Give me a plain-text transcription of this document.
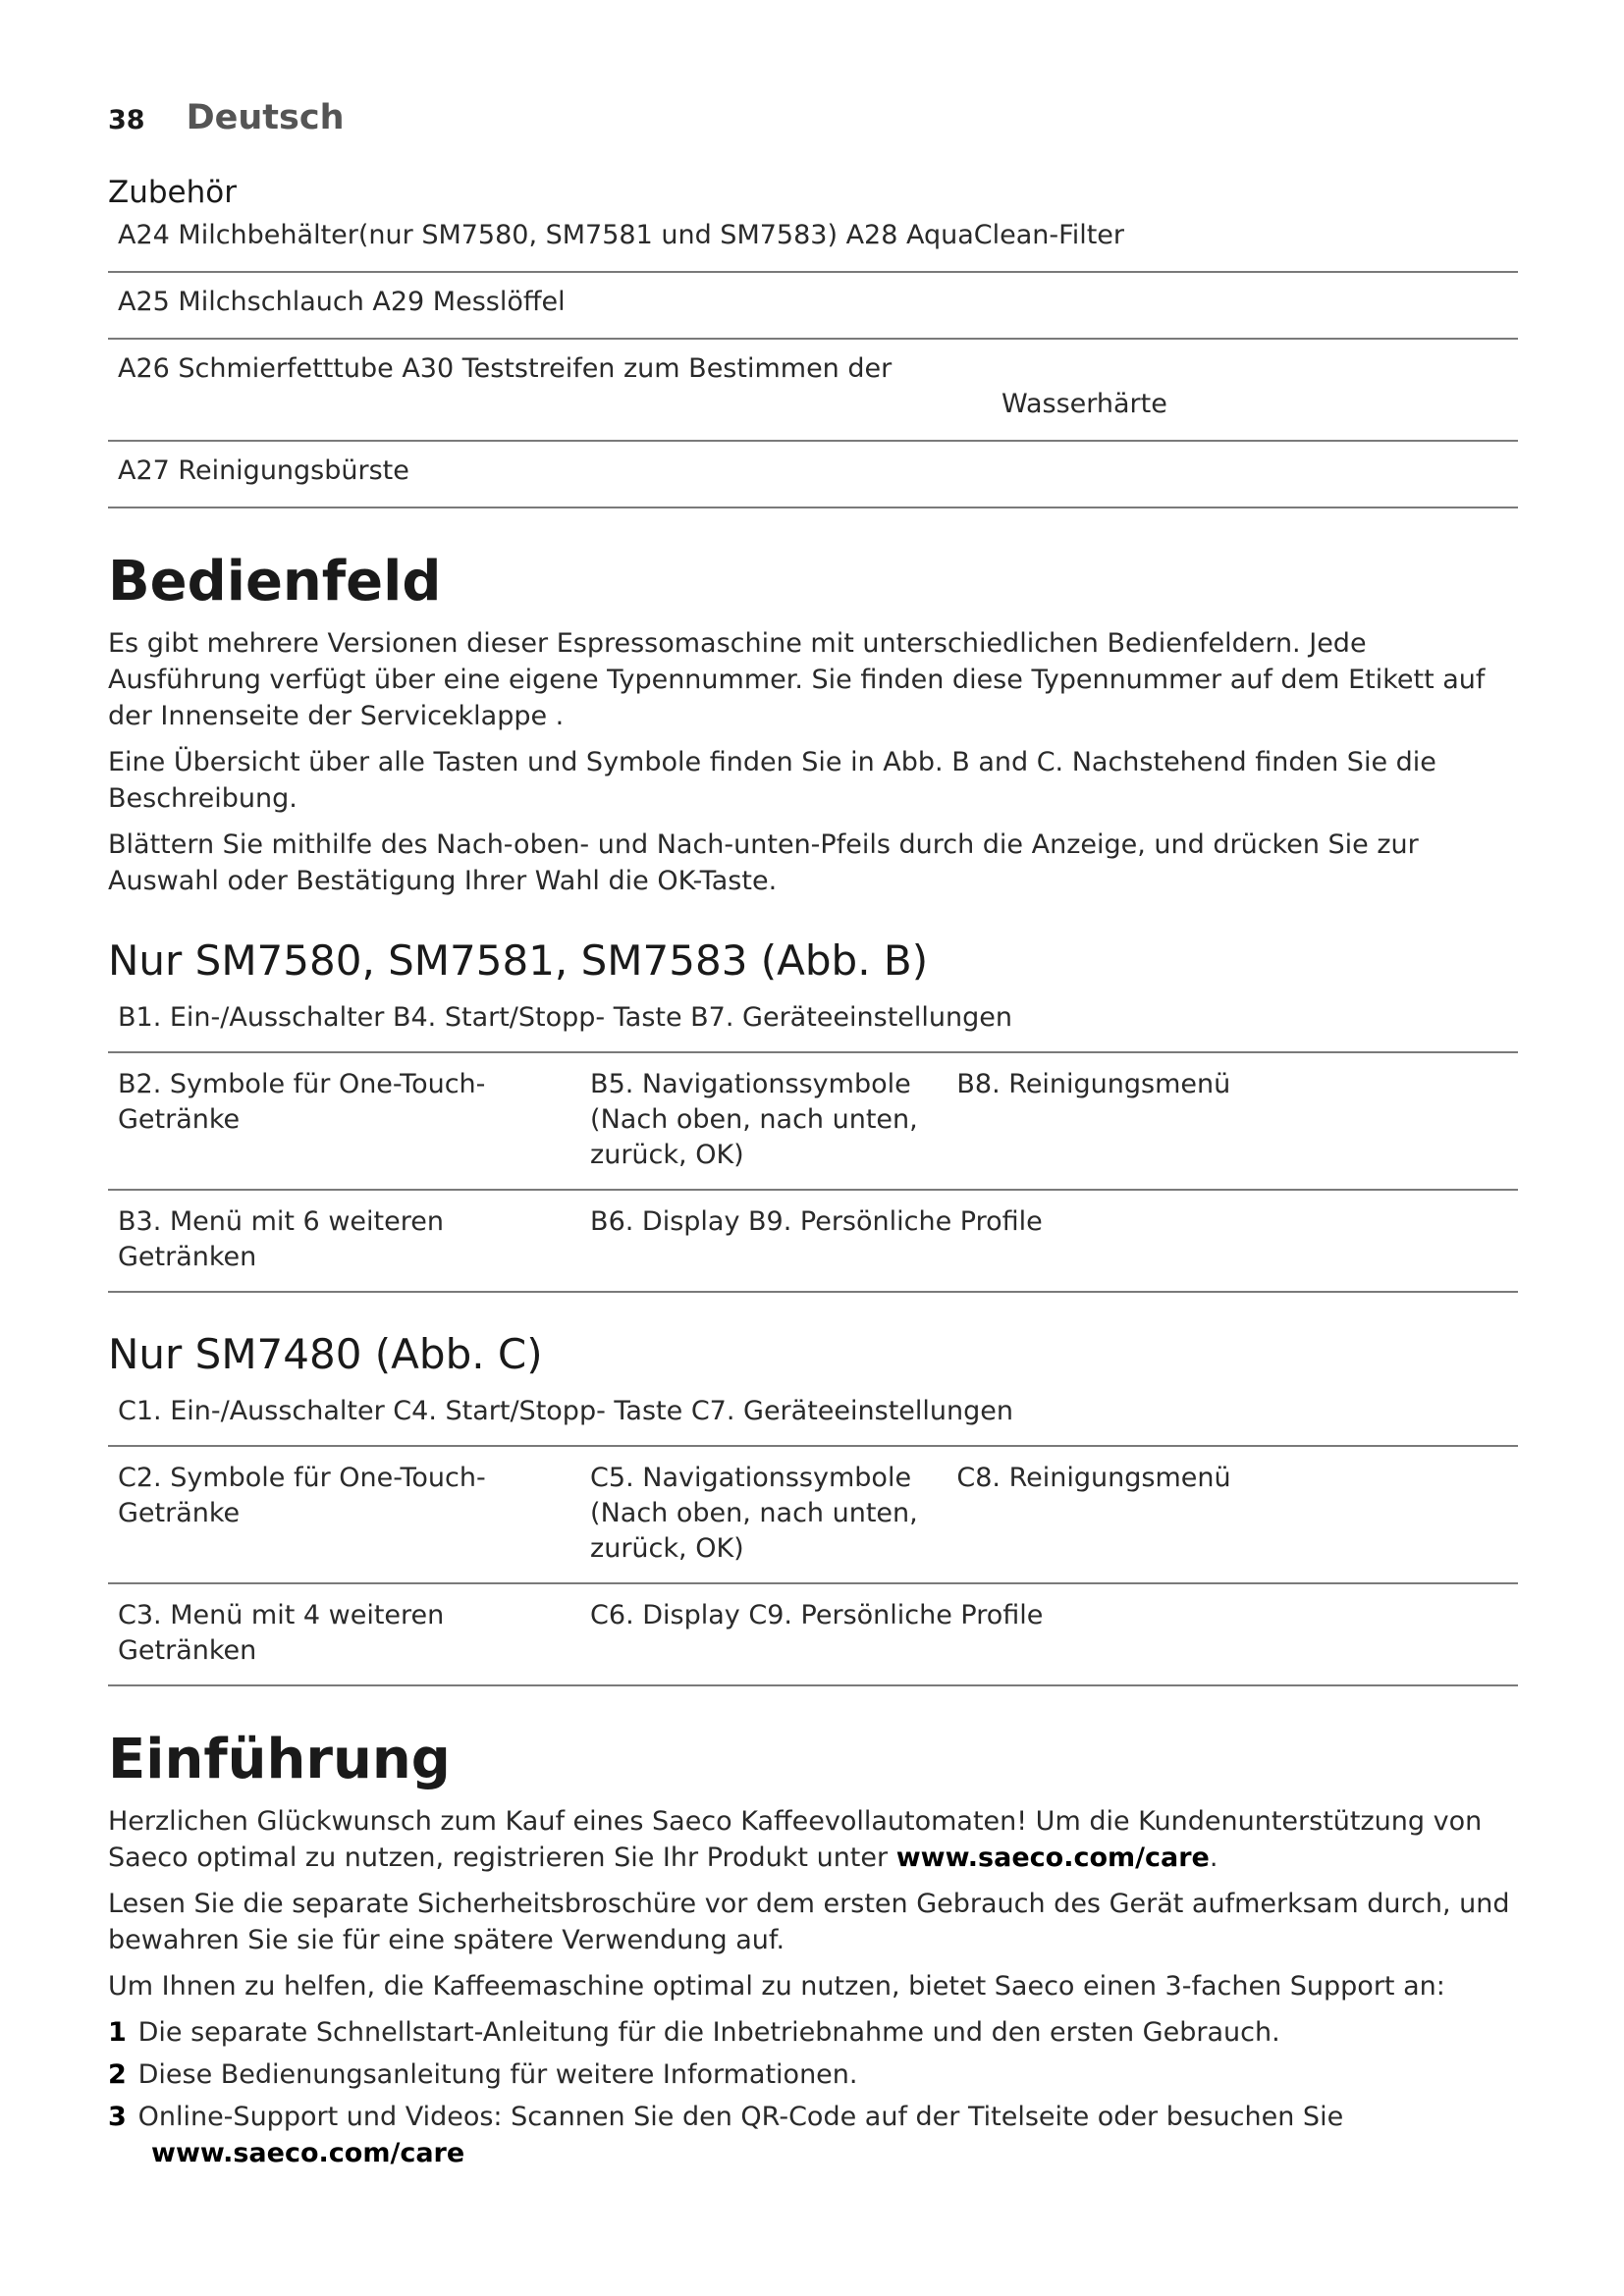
38 Deutsch
Zubehör
A24 Milchbehälter(nur SM7580, SM7581 und SM7583) A28 AquaClean-Filter
A25 Milchschlauch A29 Messlöffel
A26 Schmierfetttube A30 Teststreifen zum Bestimmen der
Wasserhärte

A27 Reinigungsbürste
Bedienfeld

Es gibt mehrere Versionen dieser Espressomaschine mit unterschiedlichen Bedienfeldern. Jede Ausführung verfügt über eine eigene Typennummer. Sie finden diese Typennummer auf dem Etikett auf der Innenseite der Serviceklappe .

Eine Übersicht über alle Tasten und Symbole finden Sie in Abb. B and C. Nachstehend finden Sie die Beschreibung.

Blättern Sie mithilfe des Nach-oben- und Nach-unten-Pfeils durch die Anzeige, und drücken Sie zur Auswahl oder Bestätigung Ihrer Wahl die OK-Taste.

Nur SM7580, SM7581, SM7583 (Abb. B)
B1. Ein-/Ausschalter B4. Start/Stopp- Taste B7. Geräteeinstellungen		
B2. Symbole für One-Touch-Getränke	B5. Navigationssymbole (Nach oben, nach unten, zurück, OK)	B8. Reinigungsmenü
B3. Menü mit 6 weiteren Getränken	B6. Display B9. Persönliche Profile	
Nur SM7480 (Abb. C)
C1. Ein-/Ausschalter C4. Start/Stopp- Taste C7. Geräteeinstellungen		
C2. Symbole für One-Touch-Getränke	C5. Navigationssymbole (Nach oben, nach unten, zurück, OK)	C8. Reinigungsmenü
C3. Menü mit 4 weiteren Getränken	C6. Display C9. Persönliche Profile	
Einführung

Herzlichen Glückwunsch zum Kauf eines Saeco Kaffeevollautomaten! Um die Kundenunterstützung von Saeco optimal zu nutzen, registrieren Sie Ihr Produkt unter www.saeco.com/care.

Lesen Sie die separate Sicherheitsbroschüre vor dem ersten Gebrauch des Gerät aufmerksam durch, und bewahren Sie sie für eine spätere Verwendung auf.

Um Ihnen zu helfen, die Kaffeemaschine optimal zu nutzen, bietet Saeco einen 3-fachen Support an:

1 Die separate Schnellstart-Anleitung für die Inbetriebnahme und den ersten Gebrauch.
2 Diese Bedienungsanleitung für weitere Informationen.
3 Online-Support und Videos: Scannen Sie den QR-Code auf der Titelseite oder besuchen Sie
www.saeco.com/care
